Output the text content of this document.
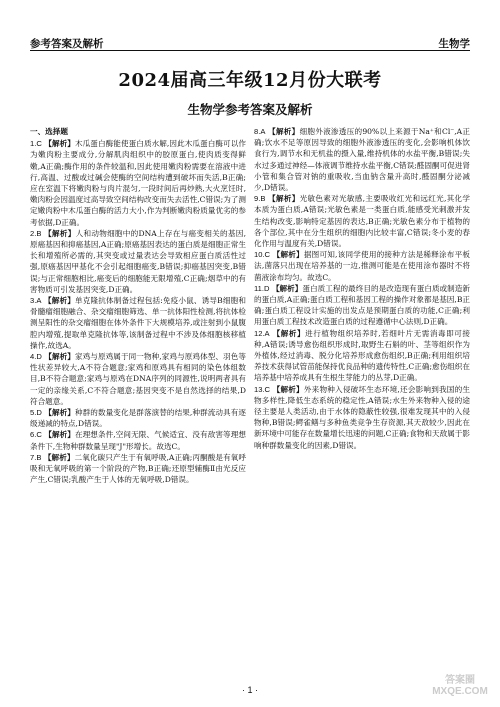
参考答案及解析	生物学
2024届高三年级12月份大联考
生物学参考答案及解析
一、选择题
1.C 【解析】木瓜蛋白酶能使蛋白质水解,因此木瓜蛋白酶可以作为嫩肉粉主要成分,分解肌肉组织中的胶原蛋白,使肉质变得鲜嫩,A正确;酶作用的条件较温和,因此使用嫩肉粉需要在溶液中进行,高温、过酸或过碱会使酶的空间结构遭到破坏而失活,B正确;应在室温下将嫩肉粉与肉片混匀,一段时间后再炒熟,大火烹饪时,嫩肉粉会因温度过高导致空间结构改变而失去活性,C错误;为了测定嫩肉粉中木瓜蛋白酶的活力大小,作为判断嫩肉粉质量优劣的参考依据,D正确。
2.B 【解析】人和动物细胞中的DNA上存在与癌变相关的基因,原癌基因和抑癌基因,A正确;原癌基因表达的蛋白质是细胞正常生长和增殖所必需的,其突变或过量表达会导致相应蛋白质活性过强,原癌基因甲基化不会引起细胞癌变,B错误;抑癌基因突变,B错误;与正常细胞相比,癌变后的细胞能无限增殖,C正确;烟草中的有害物质可引发基因突变,D正确。
3.A 【解析】单克隆抗体制备过程包括:免疫小鼠、诱导B细胞和骨髓瘤细胞融合、杂交瘤细胞筛选、单一抗体阳性检测,将抗体检测呈阳性的杂交瘤细胞在体外条件下大规模培养,或注射到小鼠腹腔内增殖,提取单克隆抗体等,该制备过程中不涉及体细胞核移植操作,故选A。
4.D 【解析】家鸡与原鸡属于同一物种,家鸡与原鸡体型、羽色等性状差异较大,A不符合题意;家鸡和原鸡具有相同的染色体组数目,B不符合题意;家鸡与原鸡在DNA序列的同源性,说明两者具有一定的亲缘关系,C不符合题意;基因突变不是自然选择的结果,D符合题意。
5.D 【解析】种群的数量变化是群落演替的结果,种群流动具有逐级递减的特点,D错误。
6.C 【解析】在理想条件,空间无限、气候适宜、没有敌害等理想条件下,生物种群数量呈现"J"形增长。故选C。
7.B 【解析】二氧化碳只产生于有氧呼吸,A正确;丙酮酸是有氧呼吸和无氧呼吸的第一个阶段的产物,B正确;还原型辅酶Ⅱ由光反应产生,C错误;乳酸产生于人体的无氧呼吸,D错误。
8.A 【解析】细胞外液渗透压的90%以上来源于Na⁺和Cl⁻,A正确;饮水不足等原因导致的细胞外液渗透压的变化,会影响机体饮食行为,调节水和无机盐的摄入量,维持机体的水盐平衡,B错误;失水过多通过神经—体液调节维持水盐平衡,C错误;醛固酮可促进肾小管和集合管对钠的重吸收,当血钠含量升高时,醛固酮分泌减少,D错误。
9.B 【解析】光敏色素对光敏感,主要吸收红光和远红光,其化学本质为蛋白质,A错误;光敏色素是一类蛋白质,能感受光刺激并发生结构改变,影响特定基因的表达,B正确;光敏色素分布于植物的各个部位,其中在分生组织的细胞内比较丰富,C错误;冬小麦的春化作用与温度有关,D错误。
10.C 【解析】据图可知,该同学使用的接种方法是稀释涂布平板法,菌落只出现在培养基的一边,推测可能是在使用涂布器时不将菌液涂布均匀。故选C。
11.D 【解析】蛋白质工程的最终目的是改造现有蛋白质或制造新的蛋白质,A正确;蛋白质工程和基因工程的操作对象都是基因,B正确;蛋白质工程设计实施的出发点是预期蛋白质的功能,C正确;利用蛋白质工程技术改造蛋白质的过程遵循中心法则,D正确。
12.A 【解析】进行植物组织培养时,若细叶片无需消毒即可接种,A错误;诱导愈伤组织形成时,取野生石斛的叶、茎等组织作为外植体,经过消毒、脱分化培养形成愈伤组织,B正确;利用组织培养技术获得试管苗能保持优良品种的遗传特性,C正确;愈伤组织在培养基中培养成具有生根生芽能力的丛芽,D正确。
13.C 【解析】外来物种入侵破坏生态环境,还会影响到我国的生物多样性,降低生态系统的稳定性,A错误;水生外来物种入侵的途径主要是人类活动,由于水体的隐蔽性较强,很难发现其中的入侵物种,B错误;鳄雀鳝与多种鱼类竞争生存资源,其天敌较少,因此在新环境中可能存在数量增长迅速的问题,C正确;食物和天敌属于影响种群数量变化的因素,D错误。
· 1 ·
答案圈 MXQE.COM
